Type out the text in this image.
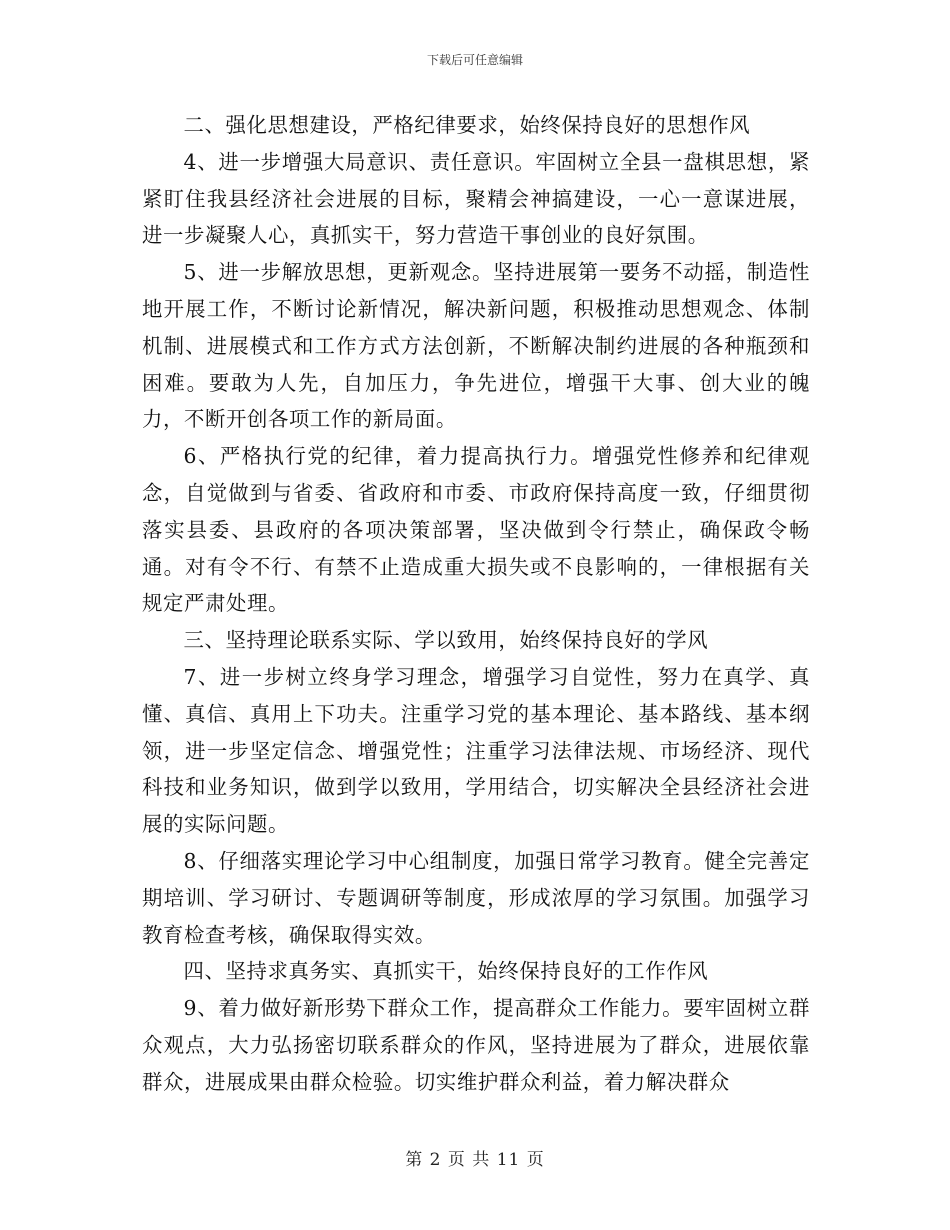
下载后可任意编辑

二、强化思想建设，严格纪律要求，始终保持良好的思想作风

4、进一步增强大局意识、责任意识。牢固树立全县一盘棋思想，紧紧盯住我县经济社会进展的目标，聚精会神搞建设，一心一意谋进展，进一步凝聚人心，真抓实干，努力营造干事创业的良好氛围。

5、进一步解放思想，更新观念。坚持进展第一要务不动摇，制造性地开展工作，不断讨论新情况，解决新问题，积极推动思想观念、体制机制、进展模式和工作方式方法创新，不断解决制约进展的各种瓶颈和困难。要敢为人先，自加压力，争先进位，增强干大事、创大业的魄力，不断开创各项工作的新局面。

6、严格执行党的纪律，着力提高执行力。增强党性修养和纪律观念，自觉做到与省委、省政府和市委、市政府保持高度一致，仔细贯彻落实县委、县政府的各项决策部署，坚决做到令行禁止，确保政令畅通。对有令不行、有禁不止造成重大损失或不良影响的，一律根据有关规定严肃处理。

三、坚持理论联系实际、学以致用，始终保持良好的学风

7、进一步树立终身学习理念，增强学习自觉性，努力在真学、真懂、真信、真用上下功夫。注重学习党的基本理论、基本路线、基本纲领，进一步坚定信念、增强党性；注重学习法律法规、市场经济、现代科技和业务知识，做到学以致用，学用结合，切实解决全县经济社会进展的实际问题。

8、仔细落实理论学习中心组制度，加强日常学习教育。健全完善定期培训、学习研讨、专题调研等制度，形成浓厚的学习氛围。加强学习教育检查考核，确保取得实效。

四、坚持求真务实、真抓实干，始终保持良好的工作作风

9、着力做好新形势下群众工作，提高群众工作能力。要牢固树立群众观点，大力弘扬密切联系群众的作风，坚持进展为了群众，进展依靠群众，进展成果由群众检验。切实维护群众利益，着力解决群众

第 2 页 共 11 页
